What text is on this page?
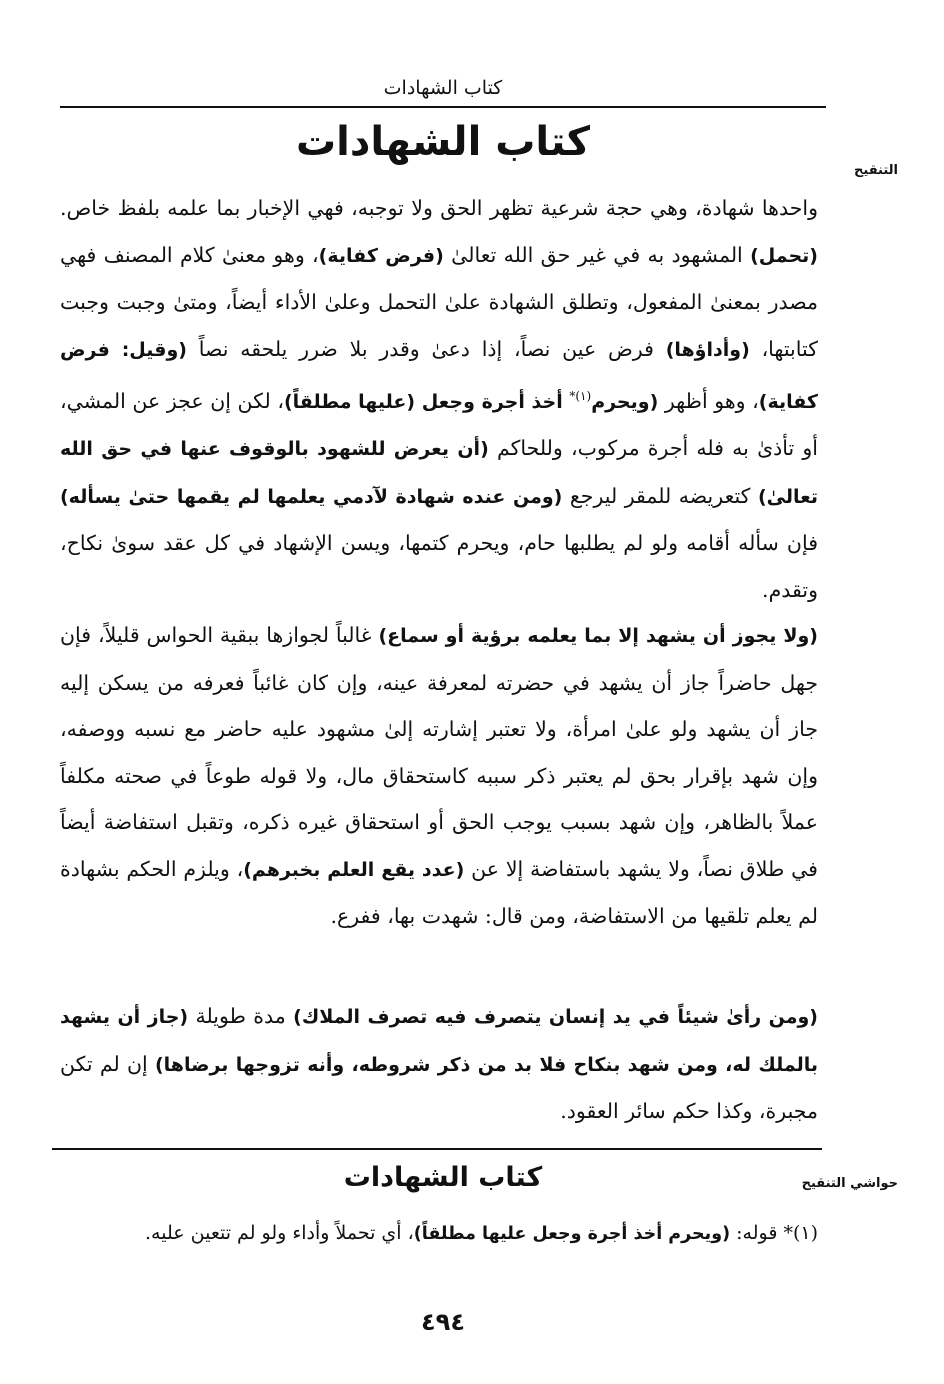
كتاب الشهادات
التنقيح
كتاب الشهادات

واحدها شهادة، وهي حجة شرعية تظهر الحق ولا توجبه، فهي الإخبار بما علمه بلفظ خاص. (تحمل) المشهود به في غير حق الله تعالىٰ (فرض كفاية)، وهو معنىٰ كلام المصنف فهي مصدر بمعنىٰ المفعول، وتطلق الشهادة علىٰ التحمل وعلىٰ الأداء أيضاً، ومتىٰ وجبت وجبت كتابتها، (وأداؤها) فرض عين نصاً، إذا دعىٰ وقدر بلا ضرر يلحقه نصاً (وقيل: فرض كفاية)، وهو أظهر (ويحرم$^{(١)*}$ أخذ أجرة وجعل (عليها مطلقاً)، لكن إن عجز عن المشي، أو تأذىٰ به فله أجرة مركوب، وللحاكم (أن يعرض للشهود بالوقوف عنها في حق الله تعالىٰ) كتعريضه للمقر ليرجع (ومن عنده شهادة لآدمي يعلمها لم يقمها حتىٰ يسأله) فإن سأله أقامه ولو لم يطلبها حام، ويحرم كتمها، ويسن الإشهاد في كل عقد سوىٰ نكاح، وتقدم.

(ولا يجوز أن يشهد إلا بما يعلمه برؤية أو سماع) غالباً لجوازها ببقية الحواس قليلاً، فإن جهل حاضراً جاز أن يشهد في حضرته لمعرفة عينه، وإن كان غائباً فعرفه من يسكن إليه جاز أن يشهد ولو علىٰ امرأة، ولا تعتبر إشارته إلىٰ مشهود عليه حاضر مع نسبه ووصفه، وإن شهد بإقرار بحق لم يعتبر ذكر سببه كاستحقاق مال، ولا قوله طوعاً في صحته مكلفاً عملاً بالظاهر، وإن شهد بسبب يوجب الحق أو استحقاق غيره ذكره، وتقبل استفاضة أيضاً في طلاق نصاً، ولا يشهد باستفاضة إلا عن (عدد يقع العلم بخبرهم)، ويلزم الحكم بشهادة لم يعلم تلقيها من الاستفاضة، ومن قال: شهدت بها، ففرع.

(ومن رأىٰ شيئاً في يد إنسان يتصرف فيه تصرف الملاك) مدة طويلة (جاز أن يشهد بالملك له، ومن شهد بنكاح فلا بد من ذكر شروطه، وأنه تزوجها برضاها) إن لم تكن مجبرة، وكذا حكم سائر العقود.

حواشي التنقيح
كتاب الشهادات

(١)* قوله: (ويحرم أخذ أجرة وجعل عليها مطلقاً)، أي تحملاً وأداء ولو لم تتعين عليه.

٤٩٤
